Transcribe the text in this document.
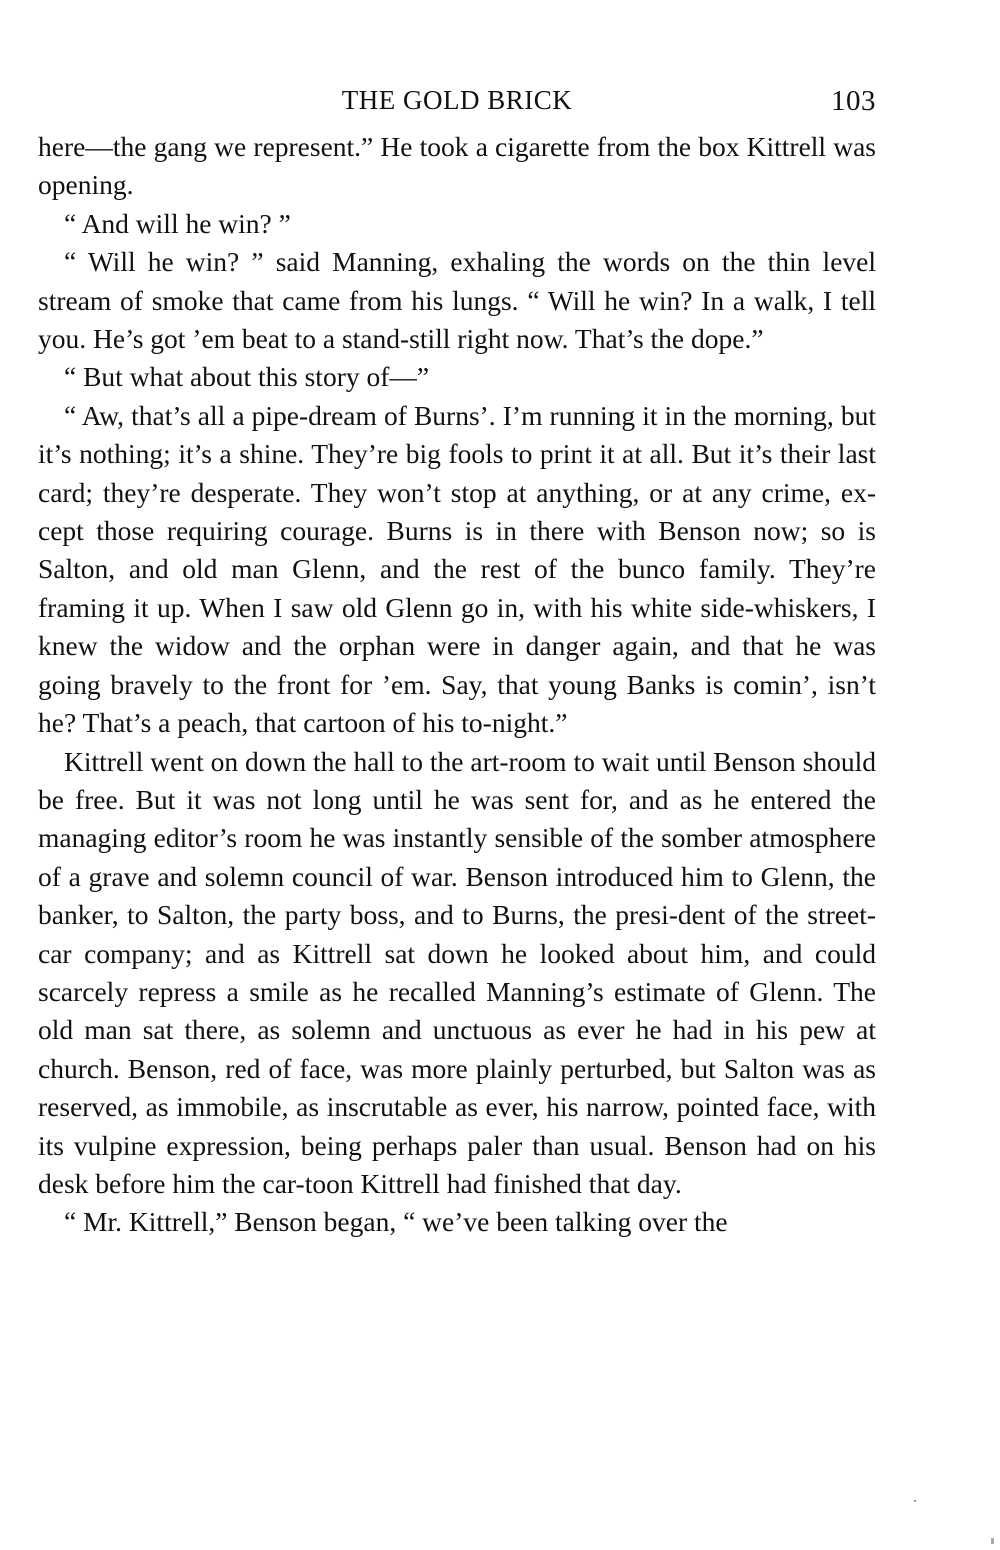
THE GOLD BRICK	103

here—the gang we represent.” He took a cigarette from the box Kittrell was opening.

“ And will he win? ”

“ Will he win? ” said Manning, exhaling the words on the thin level stream of smoke that came from his lungs. “ Will he win? In a walk, I tell you. He’s got ’em beat to a stand-still right now. That’s the dope.”

“ But what about this story of—”

“ Aw, that’s all a pipe-dream of Burns’. I’m running it in the morning, but it’s nothing; it’s a shine. They’re big fools to print it at all. But it’s their last card; they’re desperate. They won’t stop at anything, or at any crime, ex-cept those requiring courage. Burns is in there with Benson now; so is Salton, and old man Glenn, and the rest of the bunco family. They’re framing it up. When I saw old Glenn go in, with his white side-whiskers, I knew the widow and the orphan were in danger again, and that he was going bravely to the front for ’em. Say, that young Banks is comin’, isn’t he? That’s a peach, that cartoon of his to-night.”

Kittrell went on down the hall to the art-room to wait until Benson should be free. But it was not long until he was sent for, and as he entered the managing editor’s room he was instantly sensible of the somber atmosphere of a grave and solemn council of war. Benson introduced him to Glenn, the banker, to Salton, the party boss, and to Burns, the presi-dent of the street-car company; and as Kittrell sat down he looked about him, and could scarcely repress a smile as he recalled Manning’s estimate of Glenn. The old man sat there, as solemn and unctuous as ever he had in his pew at church. Benson, red of face, was more plainly perturbed, but Salton was as reserved, as immobile, as inscrutable as ever, his narrow, pointed face, with its vulpine expression, being perhaps paler than usual. Benson had on his desk before him the car-toon Kittrell had finished that day.

“ Mr. Kittrell,” Benson began, “ we’ve been talking over the
